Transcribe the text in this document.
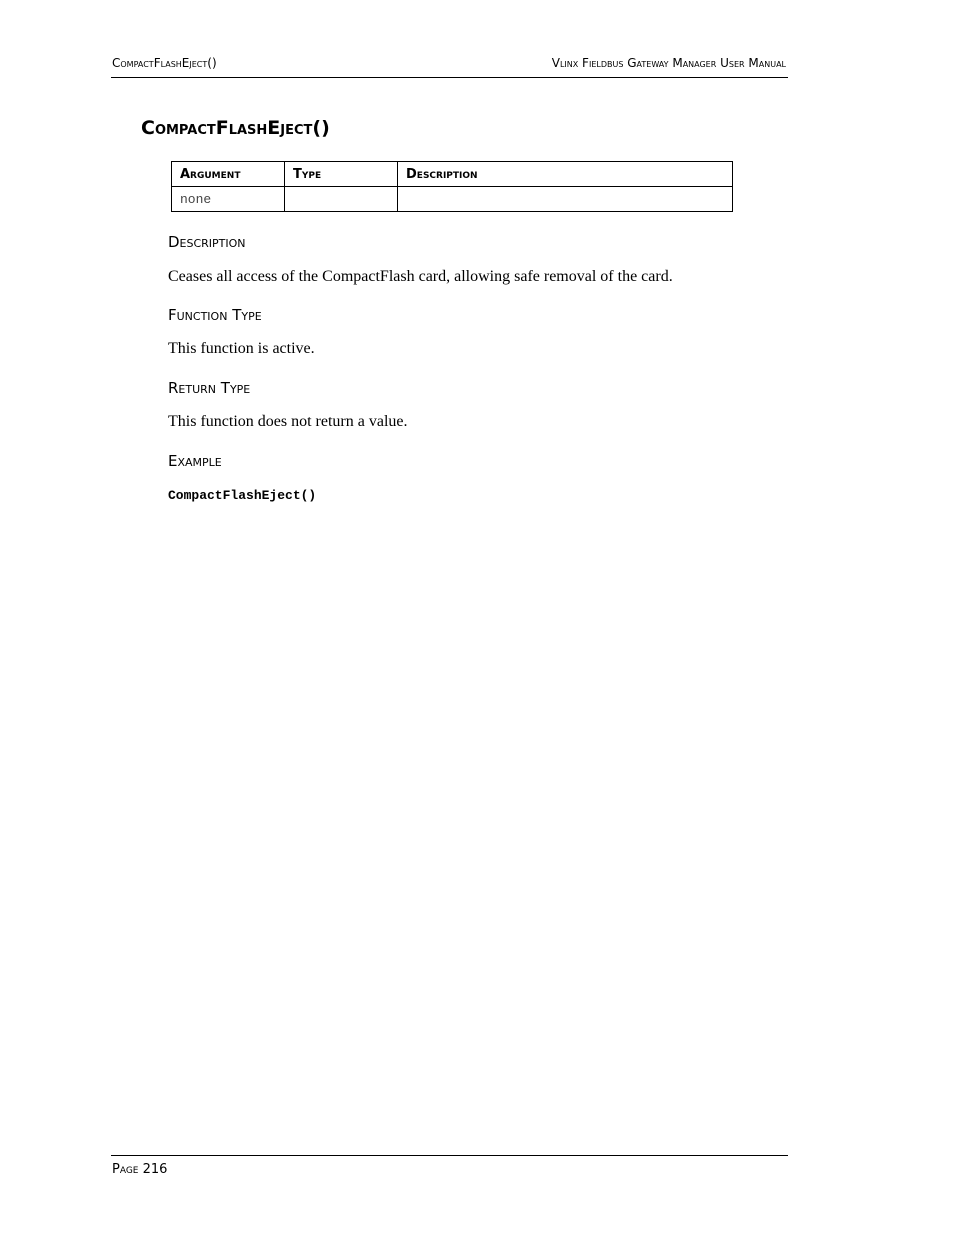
CompactFlashEject()	Vlinx Fieldbus Gateway Manager User Manual
CompactFlashEject()
Argument	Type	Description
none		
Description

Ceases all access of the CompactFlash card, allowing safe removal of the card.

Function Type

This function is active.

Return Type

This function does not return a value.

Example
CompactFlashEject()
Page 216
